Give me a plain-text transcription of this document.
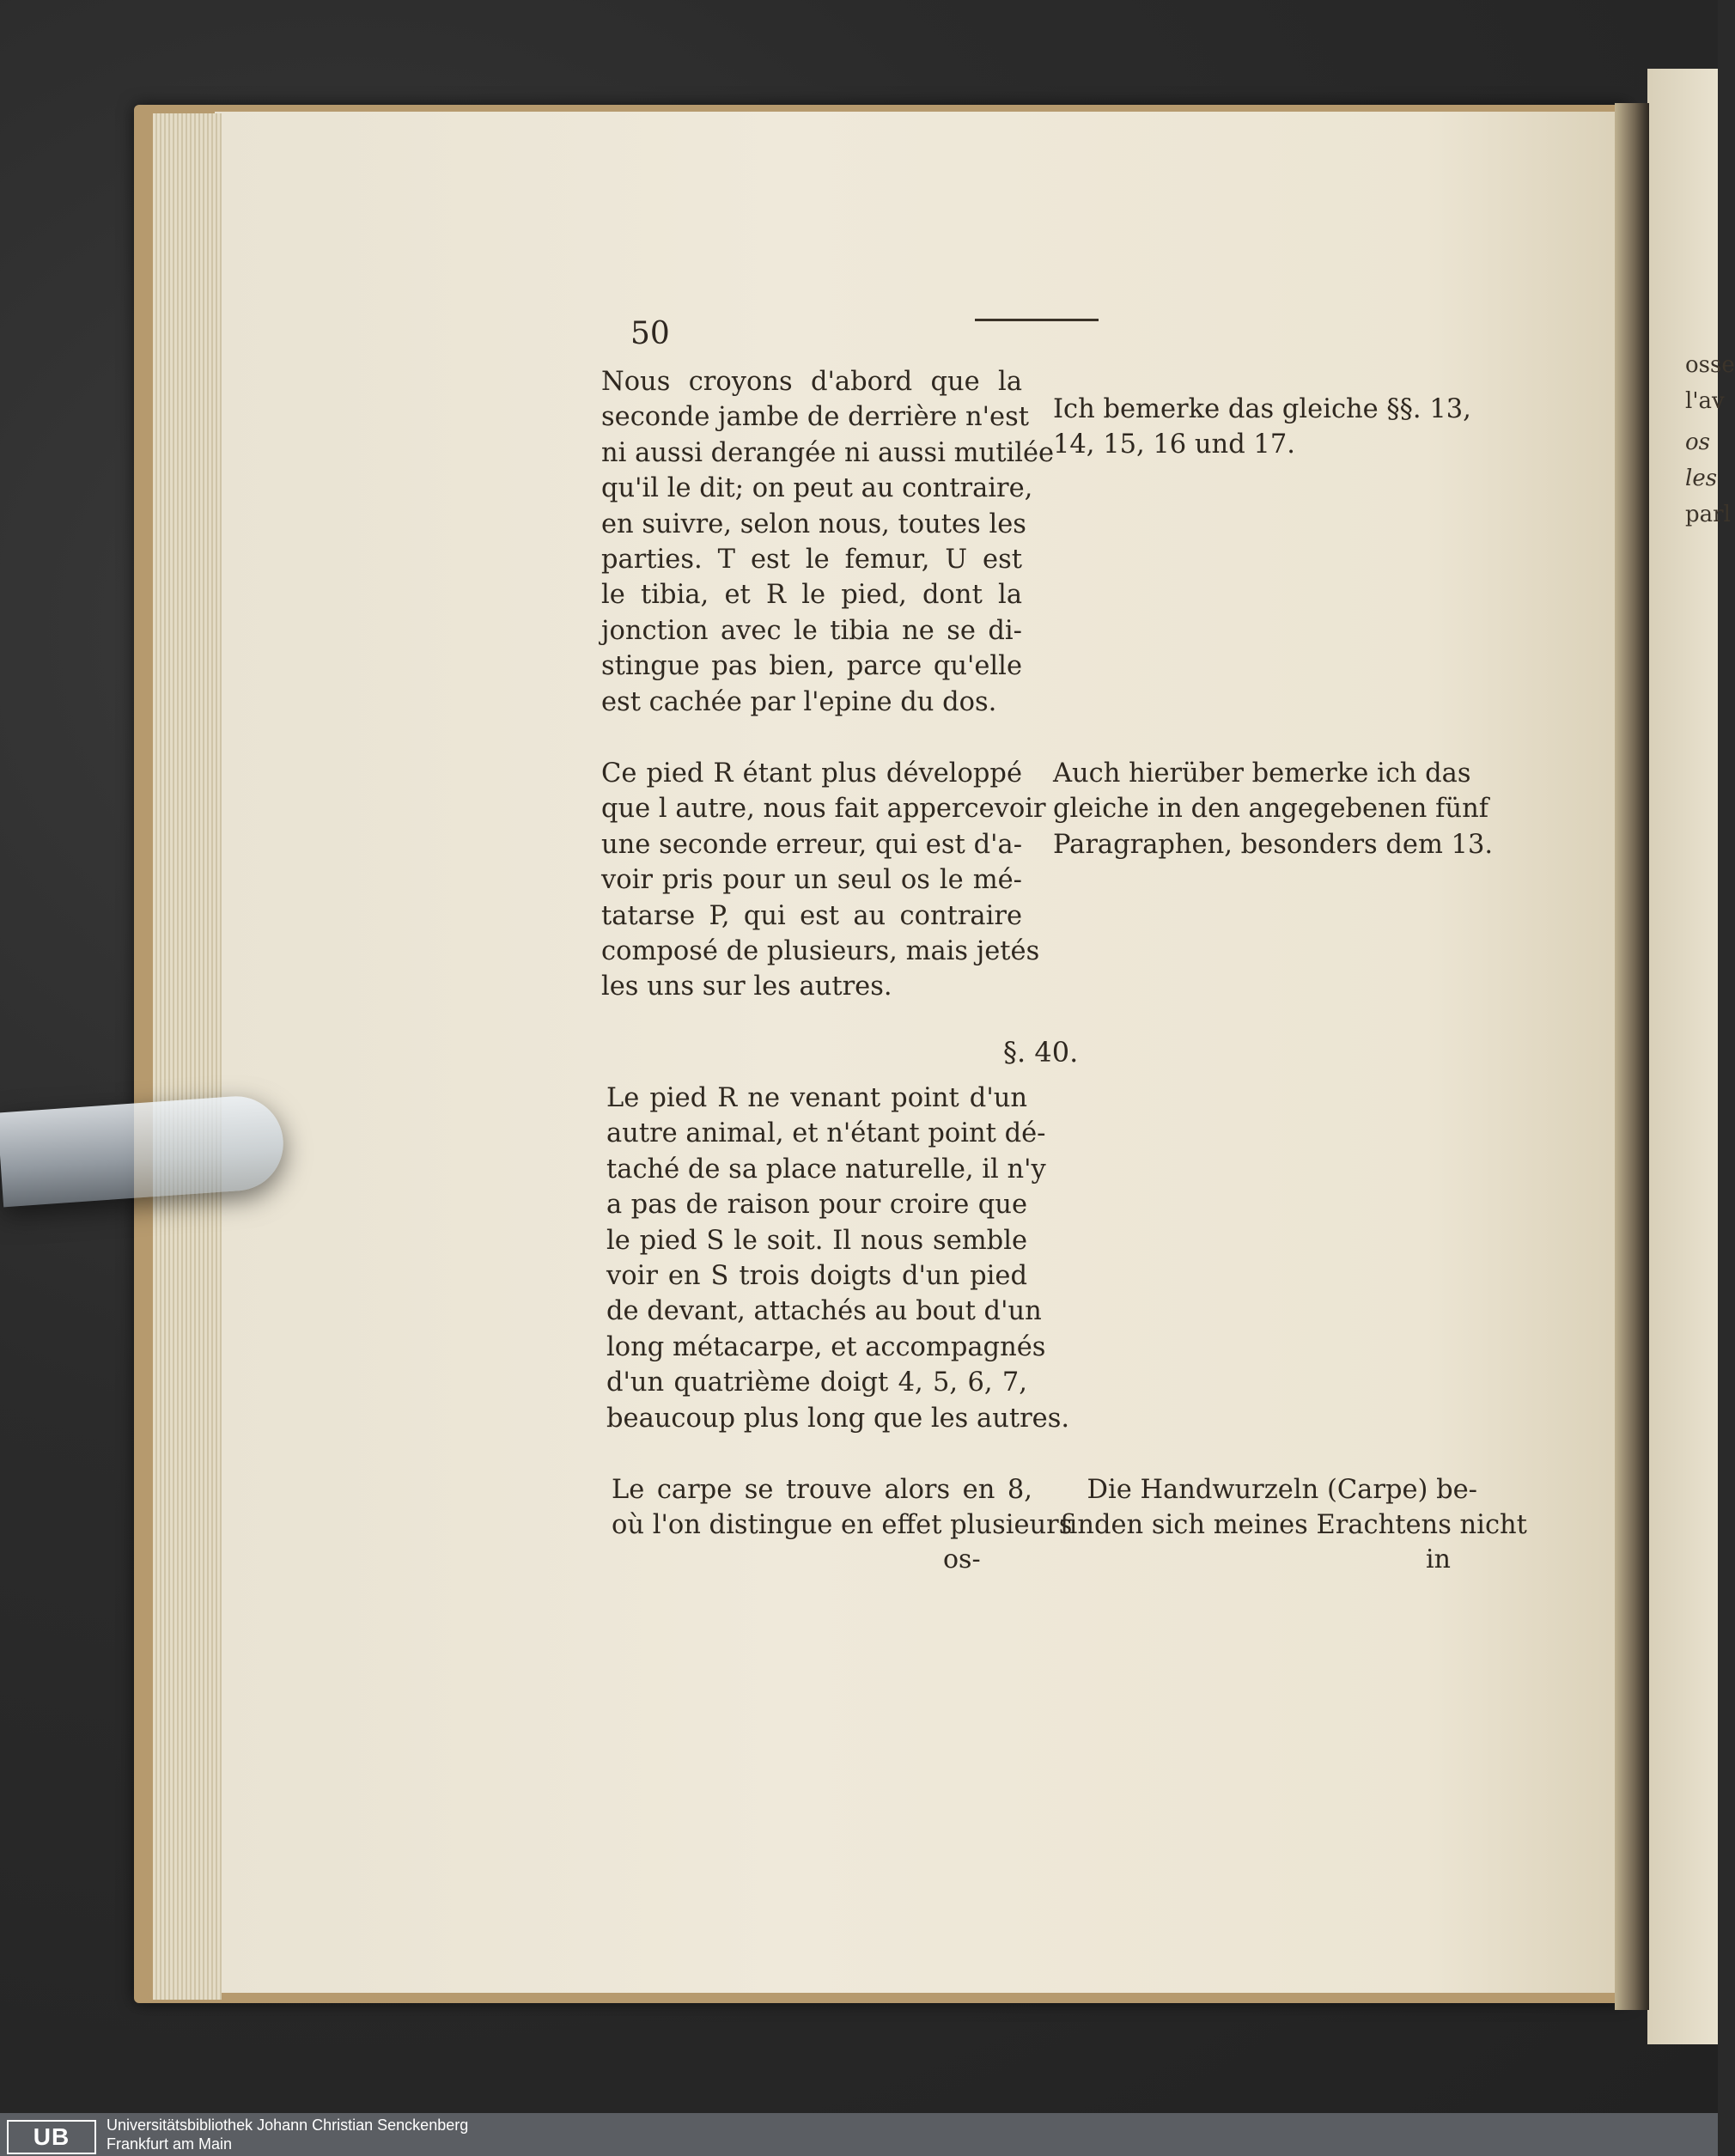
osse
l'av
os
les
parl
50
Nous croyons d'abord que la
seconde jambe de derrière n'est
ni aussi derangée ni aussi mutilée
qu'il le dit; on peut au contraire,
en suivre, selon nous, toutes les
parties. T est le femur, U est
le tibia, et R le pied, dont la
jonction avec le tibia ne se di-
stingue pas bien, parce qu'elle
est cachée par l'epine du dos.
Ce pied R étant plus développé
que l autre, nous fait appercevoir
une seconde erreur, qui est d'a-
voir pris pour un seul os le mé-
tatarse P, qui est au contraire
composé de plusieurs, mais jetés
les uns sur les autres.
§. 40.
Le pied R ne venant point d'un
autre animal, et n'étant point dé-
taché de sa place naturelle, il n'y
a pas de raison pour croire que
le pied S le soit. Il nous semble
voir en S trois doigts d'un pied
de devant, attachés au bout d'un
long métacarpe, et accompagnés
d'un quatrième doigt 4, 5, 6, 7,
beaucoup plus long que les autres.
Le carpe se trouve alors en 8,
où l'on distingue en effet plusieurs
os-
Ich bemerke das gleiche §§. 13,
14, 15, 16 und 17.
Auch hierüber bemerke ich das
gleiche in den angegebenen fünf
Paragraphen, besonders dem 13.
Die Handwurzeln (Carpe) be-
finden sich meines Erachtens nicht
in
UB	Universitätsbibliothek Johann Christian Senckenberg
Frankfurt am Main
